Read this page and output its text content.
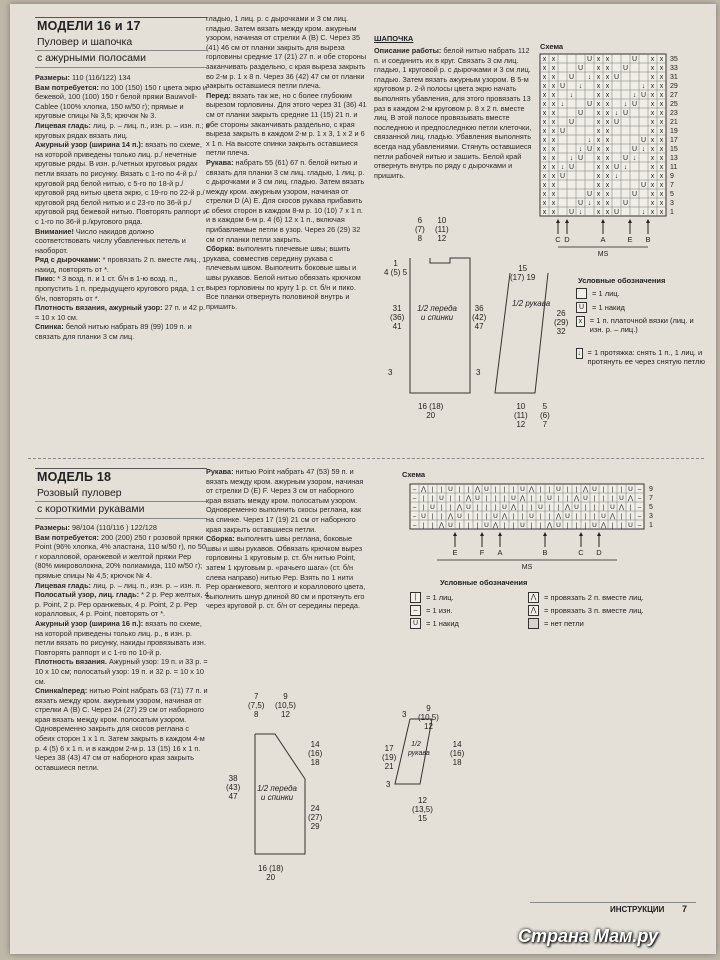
МОДЕЛИ 16 и 17
Пуловер и шапочка
с ажурными полосами

Размеры: 110 (116/122) 134

Вам потребуется: по 100 (150) 150 г цвета экрю и бежевой, 100 (100) 150 г белой пряжи Bauwvoll-Cablee (100% хлопка, 150 м/50 г); прямые и круговые спицы № 3,5; крючок № 3.

Лицевая гладь: лиц. р. – лиц. п., изн. р. – изн. п.; в круговых рядах вязать лиц.

Ажурный узор (ширина 14 п.): вязать по схеме, на которой приведены только лиц. р./ нечетные круговые ряды. В изн. р./четных круговых рядах петли вязать по рисунку. Вязать с 1-го по 4-й р./круговой ряд белой нитью, с 5-го по 18-й р./круговой ряд нитью цвета экрю, с 19-го по 22-й р./круговой ряд белой нитью и с 23-го по 36-й р./круговой ряд бежевой нитью. Повторять раппорт и с 1-го по 36-й р./кругового ряда.

Внимание! Число накидов должно соответствовать числу убавленных петель и наоборот.

Ряд с дырочками: * провязать 2 п. вместе лиц., 1 накид, повторять от *.

Пико: * 3 возд. п. и 1 ст. б/н в 1-ю возд. п., пропустить 1 п. предыдущего кругового ряда, 1 ст. б/н, повторять от *.

Плотность вязания, ажурный узор: 27 п. и 42 р. = 10 х 10 см.

Спинка: белой нитью набрать 89 (99) 109 п. и связать для планки 3 см лиц.

гладью, 1 лиц. р. с дырочками и 3 см лиц. гладью. Затем вязать между кром. ажурным узором, начиная от стрелки А (В) С. Через 35 (41) 46 см от планки закрыть для выреза горловины средние 17 (21) 27 п. и обе стороны заканчивать раздельно, с края выреза закрыть во 2-м р. 1 х 8 п. Через 36 (42) 47 см от планки закрыть оставшиеся петли плеча.

Перед: вязать так же, но с более глубоким вырезом горловины. Для этого через 31 (36) 41 см от планки закрыть средние 11 (15) 21 п. и обе стороны заканчивать раздельно, с края выреза закрыть в каждом 2-м р. 1 х 3, 1 х 2 и 6 х 1 п. На высоте спинки закрыть оставшиеся петли плеча.

Рукава: набрать 55 (61) 67 п. белой нитью и связать для планки 3 см лиц. гладью, 1 лиц. р. с дырочками и 3 см лиц. гладью. Затем вязать между кром. ажурным узором, начиная от стрелки D (А) Е. Для скосов рукава прибавить с обеих сторон в каждом 8-м р. 10 (10) 7 х 1 п. и в каждом 6-м р. 4 (6) 12 х 1 п., включая прибавляемые петли в узор. Через 26 (29) 32 см от планки петли закрыть.

Сборка: выполнить плечевые швы; вшить рукава, совместив середину рукава с плечевым швом. Выполнить боковые швы и швы рукавов. Белой нитью обвязать крючком вырез горловины по кругу 1 р. ст. б/н и пико. Все планки отвернуть половиной внутрь и пришить.

ШАПОЧКА

Описание работы: белой нитью набрать 112 п. и соединить их в круг. Связать 3 см лиц. гладью, 1 круговой р. с дырочками и 3 см лиц. гладью. Затем вязать ажурным узором. В 5-м круговом р. 2-й полосы цвета экрю начать выполнять убавления, для этого провязать 13 раз в каждом 2-м круговом р. 8 х 2 п. вместе лиц. В этой полосе провязывать вместе последнюю и предпоследнюю петли клеточки, связанной лиц. гладью. Убавления выполнять всегда над убавлениями. Стянуть оставшиеся петли рабочей нитью и зашить. Белой край отвернуть внутрь по ряду с дырочками и пришить.

Схема
x x	U x x	U x x 35
x x	U x x U	x x 33
x x U ↓ x x U	x x 31
x x U ↓ x x	↓ x x 29
x x ↓	x x	↓ U x x 27
x x ↓	U x x ↓ U x x 25
x x	U x x ↓ U	x x 23
x x U	x x U	x x 21
x x U	x x	x x 19
x x	↓ x x	U x x 17
x x	↓ U x x	U ↓ x x 15
x x ↓ U x x U ↓ x x 13
x x ↓ U	x x U ↓	x x 11
x x U	x x ↓	x x 9
x x	x x	U x x 7
x x	U x x	U x x 5
x x	U ↓ x x U	x x 3
x x U ↓ x x U	↓ x x 1
C D	A	E B
MS
Условные обозначения
= 1 лиц.
U	= 1 накид
x	= 1 п. платочной вязки (лиц. и изн. р. – лиц.)
↓ = 1 протяжка: снять 1 п., 1 лиц. и протянуть ее через снятую петлю
6
(7)
8
10
(11)
12
1
4 (5) 5
31
(36)
41
36
(42)
47
1/2 переда и спинки
16 (18)
20
3	3
15
(17) 19
1/2 рукава
26
(29)
32
10
(11)
12
5
(6)
7
МОДЕЛЬ 18
Розовый пуловер
с короткими рукавами

Размеры: 98/104 (110/116 ) 122/128

Вам потребуется: 200 (200) 250 г розовой пряжи Point (96% хлопка, 4% эластана, 110 м/50 г), по 50 г коралловой, оранжевой и желтой пряжи Pep (80% микроволокна, 20% полиамида, 110 м/50 г); прямые спицы № 4,5; крючок № 4.

Лицевая гладь: лиц. р. – лиц. п., изн. р. – изн. п.

Полосатый узор, лиц. гладь: * 2 р. Pep желтых, 4 р. Point, 2 р. Pep оранжевых, 4 р. Point, 2 р. Pep коралловых, 4 р. Point, повторять от *.

Ажурный узор (ширина 16 п.): вязать по схеме, на которой приведены только лиц. р., в изн. р. петли вязать по рисунку, накиды провязывать изн. Повторять раппорт и с 1-го по 10-й р.

Плотность вязания. Ажурный узор: 19 п. и 33 р. = 10 х 10 см; полосатый узор: 19 п. и 32 р. = 10 х 10 см.

Спинка/перед: нитью Point набрать 63 (71) 77 п. и вязать между кром. ажурным узором, начиная от стрелки А (В) С. Через 24 (27) 29 см от наборного края вязать между кром. полосатым узором. Одновременно закрыть для скосов реглана с обеих сторон 1 х 1 п. Затем закрыть в каждом 4-м р. 4 (5) 6 х 1 п. и в каждом 2-м р. 13 (15) 16 х 1 п. Через 38 (43) 47 см от наборного края закрыть оставшиеся петли.

Рукава: нитью Point набрать 47 (53) 59 п. и вязать между кром. ажурным узором, начиная от стрелки D (E) F. Через 3 см от наборного края вязать между кром. полосатым узором. Одновременно выполнить скосы реглана, как на спинке. Через 17 (19) 21 см от наборного края закрыть оставшиеся петли.

Сборка: выполнить швы реглана, боковые швы и швы рукавов. Обвязать крючком вырез горловины 1 круговым р. ст. б/н нитью Point, затем 1 круговым р. «рачьего шага» (ст. б/н слева направо) нитью Pep. Взять по 1 нити Pep оранжевого, желтого и кораллового цвета, выполнить шнур длиной 80 см и протянуть его через круговой р. ст. б/н от середины переда.

Схема
– ⋀ | | U | | ⋀ U | | | U ⋀ | | U | | ⋀ U | | | U – 9
– | | U | | ⋀ U | | | U ⋀ | | U | | ⋀ U | | | U ⋀ – 7
– | U | | ⋀ U | | | U ⋀ | | U | | ⋀ U | | | U ⋀ | – 5
– U | | ⋀ U | | | U ⋀ | | U | | ⋀ U | | | U ⋀ | | – 3
– | | ⋀ U | | | U ⋀ | | U | | ⋀ U | | | U ⋀ | | U – 1
E	F A	B	C D
MS
Условные обозначения
|	= 1 лиц.
–	= 1 изн.
U	= 1 накид
⋀	= провязать 2 п. вместе лиц.
⋀	= провязать 3 п. вместе лиц.
= нет петли
7
(7,5)
8
9
(10,5)
12
38
(43)
47
14
(16)
18
24
(27)
29
1/2 переда и спинки
16 (18)
20
3
9
(10,5)
12
17
(19)
21
14
(16)
18
1/2 рукава
12
(13,5)
15
3
ИНСТРУКЦИИ 7
Страна Мам.ру
